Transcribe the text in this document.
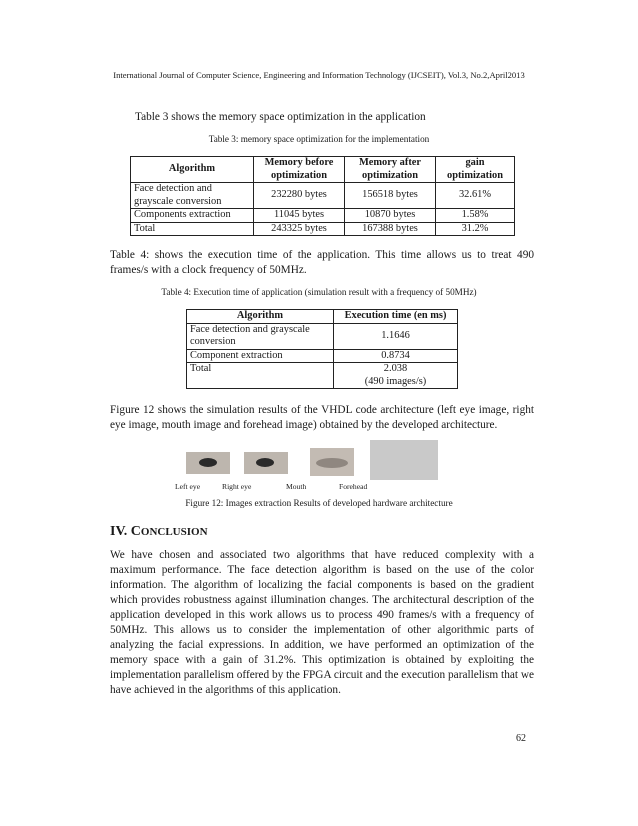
International Journal of Computer Science, Engineering and Information Technology (IJCSEIT), Vol.3, No.2,April2013
Table 3 shows the memory space optimization in the application
Table 3: memory space optimization for the implementation
Algorithm	Memory before optimization	Memory after optimization	gain optimization
Face detection and grayscale conversion	232280 bytes	156518 bytes	32.61%
Components extraction	11045 bytes	10870 bytes	1.58%
Total	243325 bytes	167388 bytes	31.2%
Table 4: shows the execution time of the application. This time allows us to treat 490 frames/s with a clock frequency of 50MHz.
Table 4: Execution time of application (simulation result with a frequency of 50MHz)
Algorithm	Execution time (en ms)
Face detection and grayscale conversion	1.1646
Component extraction	0.8734
Total	2.038
(490 images/s)
Figure 12 shows the simulation results of the VHDL code architecture (left eye image, right eye image, mouth image and forehead image) obtained by the developed architecture.
Left eye	Right eye	Mouth	Forehead
Figure 12: Images extraction Results of developed hardware architecture
IV. CONCLUSION
We have chosen and associated two algorithms that have reduced complexity with a maximum performance. The face detection algorithm is based on the use of the color information. The algorithm of localizing the facial components is based on the gradient which provides robustness against illumination changes. The architectural description of the application developed in this work allows us to process 490 frames/s with a frequency of 50MHz. This allows us to consider the implementation of other algorithmic parts of analyzing the facial expressions. In addition, we have performed an optimization of the memory space with a gain of 31.2%. This optimization is obtained by exploiting the implementation parallelism offered by the FPGA circuit and the execution parallelism that we have achieved in the algorithms of this application.
62
